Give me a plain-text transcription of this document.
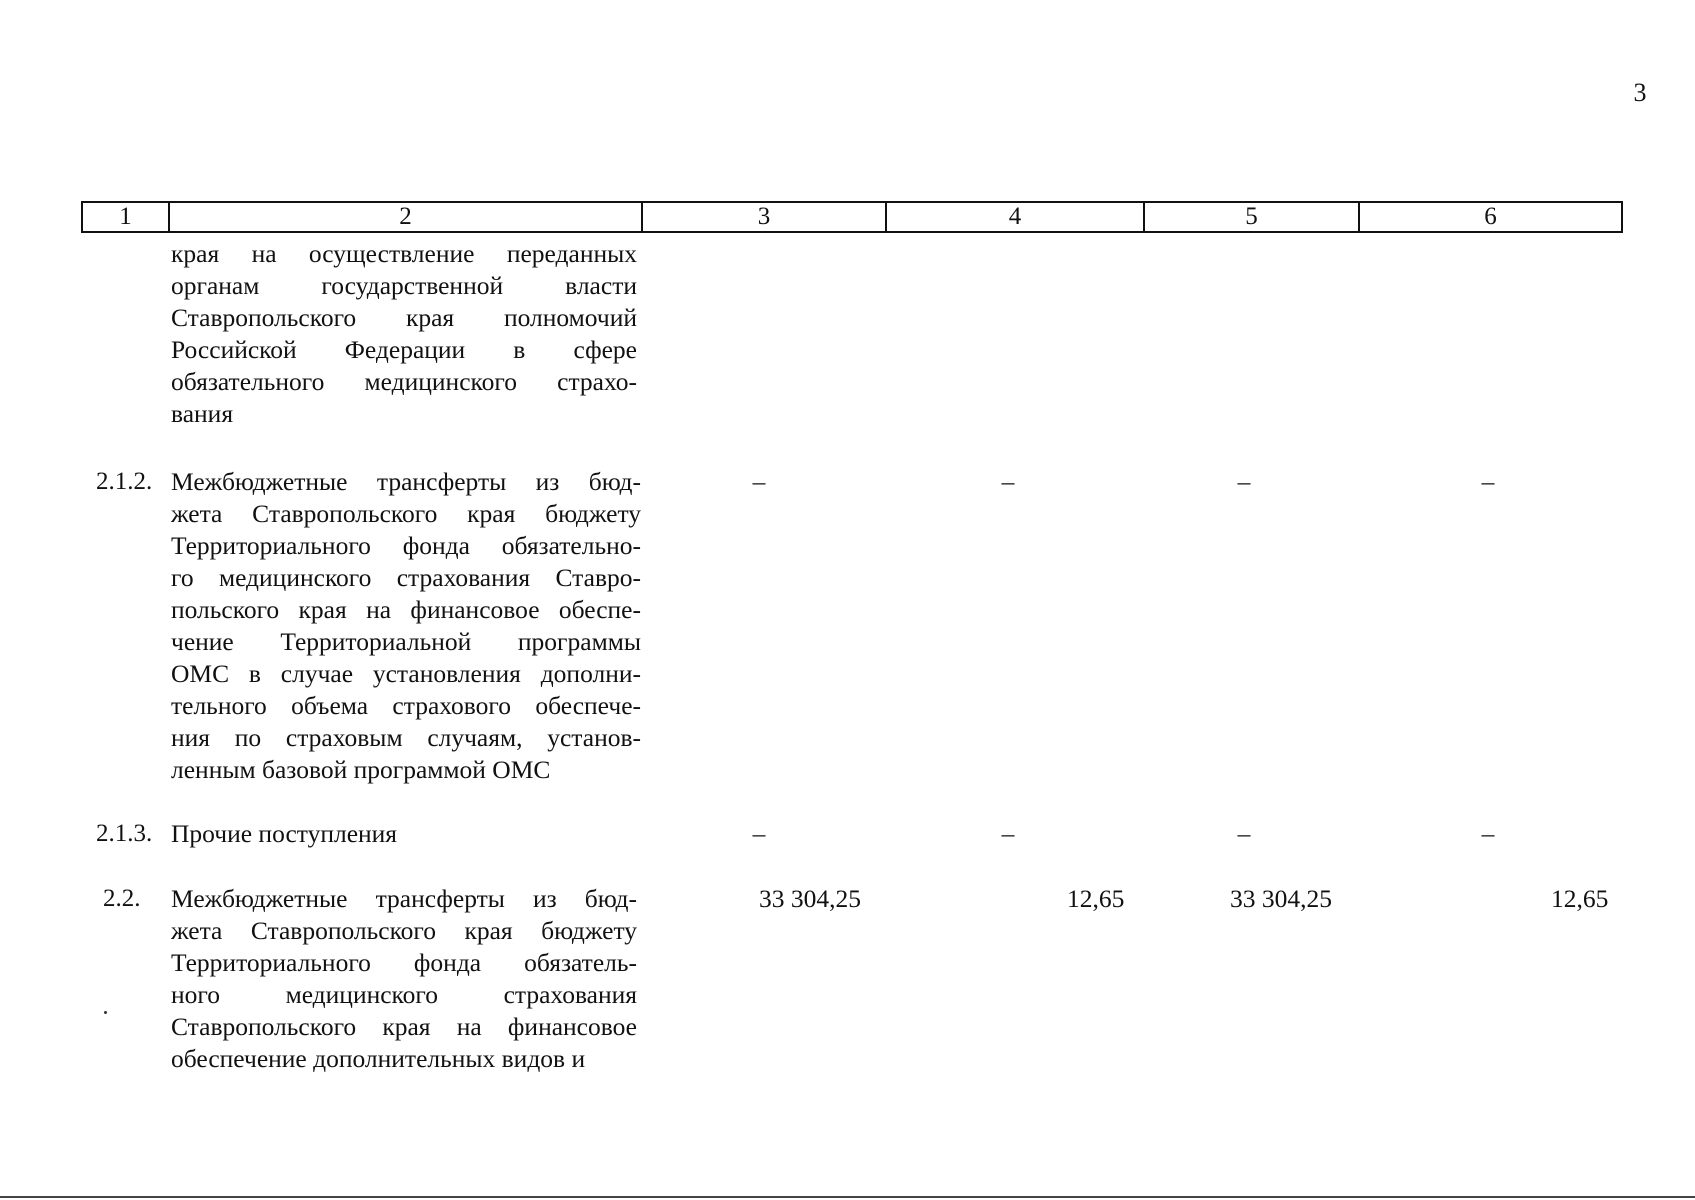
3
1	2	3	4	5	6
края на осуществление переданных
органам государственной власти
Ставропольского края полномочий
Российской Федерации в сфере
обязательного медицинского страхо-
вания
2.1.2. Межбюджетные трансферты из бюд-
жета Ставропольского края бюджету
Территориального фонда обязательно-
го медицинского страхования Ставро-
польского края на финансовое обеспе-
чение Территориальной программы
ОМС в случае установления дополни-
тельного объема страхового обеспече-
ния по страховым случаям, установ-
ленным базовой программой ОМС
–	–	–	–
2.1.3. Прочие поступления	–	–	–	–
2.2. Межбюджетные трансферты из бюд-
жета Ставропольского края бюджету
Территориального фонда обязатель-
ного медицинского страхования
Ставропольского края на финансовое
обеспечение дополнительных видов и
33 304,25	12,65	33 304,25	12,65
